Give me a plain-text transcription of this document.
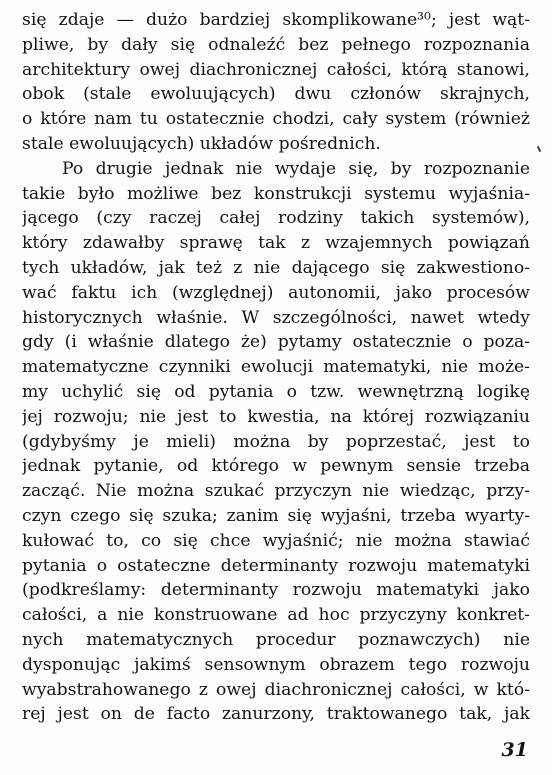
się zdaje — dużo bardziej skomplikowane³⁰; jest wąt-
pliwe, by dały się odnaleźć bez pełnego rozpoznania
architektury owej diachronicznej całości, którą stanowi,
obok (stale ewoluujących) dwu członów skrajnych,
o które nam tu ostatecznie chodzi, cały system (również
stale ewoluujących) układów pośrednich.
Po drugie jednak nie wydaje się, by rozpoznanie
takie było możliwe bez konstrukcji systemu wyjaśnia-
jącego (czy raczej całej rodziny takich systemów),
który zdawałby sprawę tak z wzajemnych powiązań
tych układów, jak też z nie dającego się zakwestiono-
wać faktu ich (względnej) autonomii, jako procesów
historycznych właśnie. W szczególności, nawet wtedy
gdy (i właśnie dlatego że) pytamy ostatecznie o poza-
matematyczne czynniki ewolucji matematyki, nie może-
my uchylić się od pytania o tzw. wewnętrzną logikę
jej rozwoju; nie jest to kwestia, na której rozwiązaniu
(gdybyśmy je mieli) można by poprzestać, jest to
jednak pytanie, od którego w pewnym sensie trzeba
zacząć. Nie można szukać przyczyn nie wiedząc, przy-
czyn czego się szuka; zanim się wyjaśni, trzeba wyarty-
kułować to, co się chce wyjaśnić; nie można stawiać
pytania o ostateczne determinanty rozwoju matematyki
(podkreślamy: determinanty rozwoju matematyki jako
całości, a nie konstruowane ad hoc przyczyny konkret-
nych matematycznych procedur poznawczych) nie
dysponując jakimś sensownym obrazem tego rozwoju
wyabstrahowanego z owej diachronicznej całości, w któ-
rej jest on de facto zanurzony, traktowanego tak, jak
31
